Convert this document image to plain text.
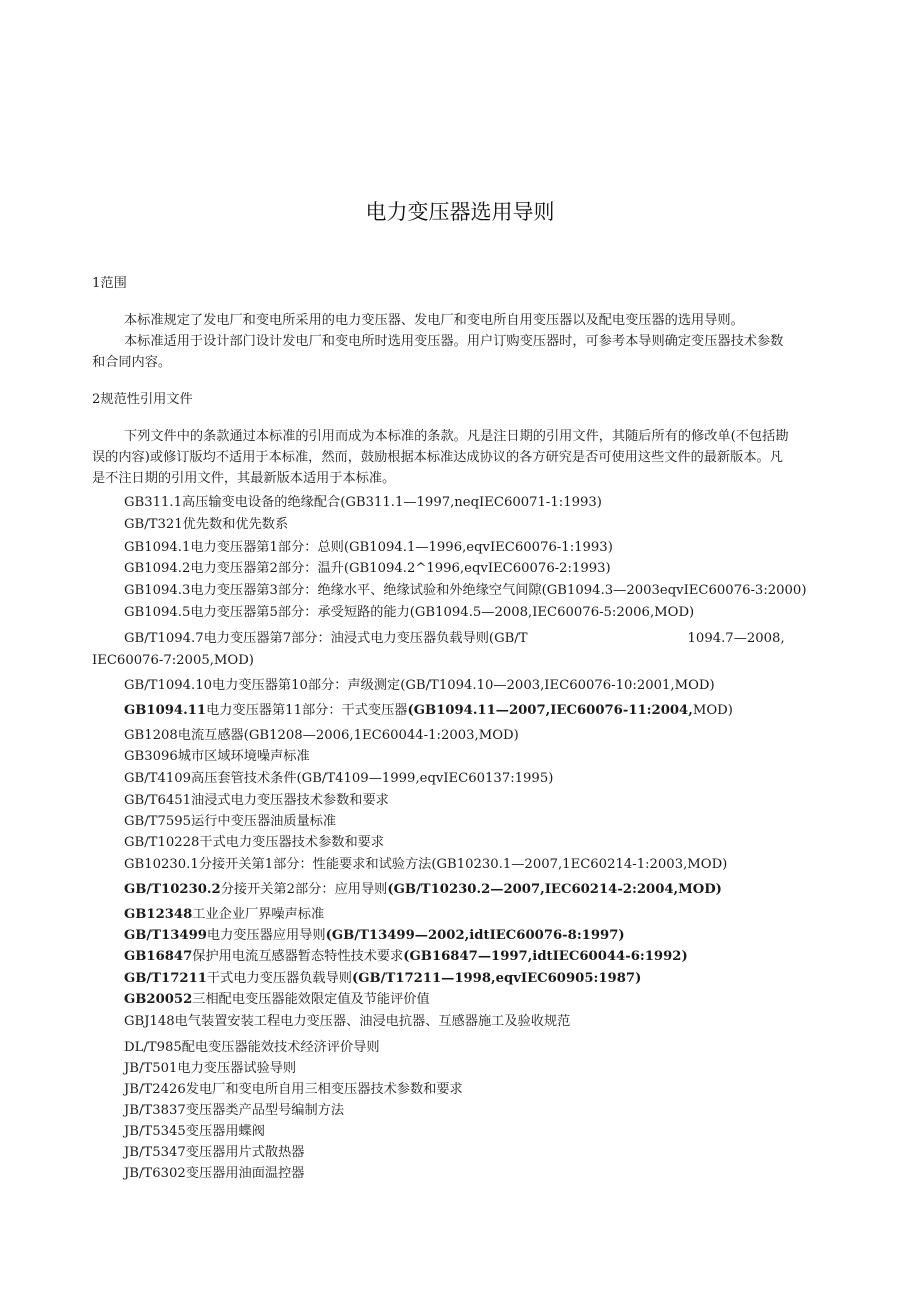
电力变压器选用导则
1范围
本标准规定了发电厂和变电所采用的电力变压器、发电厂和变电所自用变压器以及配电变压器的选用导则。
本标准适用于设计部门设计发电厂和变电所时选用变压器。用户订购变压器时，可参考本导则确定变压器技术参数
和合同内容。
2规范性引用文件
下列文件中的条款通过本标准的引用而成为本标准的条款。凡是注日期的引用文件，其随后所有的修改单(不包括勘
误的内容)或修订版均不适用于本标准，然而，鼓励根据本标准达成协议的各方研究是否可使用这些文件的最新版本。凡
是不注日期的引用文件，其最新版本适用于本标准。
GB311.1高压输变电设备的绝缘配合(GB311.1—1997,neqIEC60071-1:1993)
GB/T321优先数和优先数系
GB1094.1电力变压器第1部分：总则(GB1094.1—1996,eqvIEC60076-1:1993)
GB1094.2电力变压器第2部分：温升(GB1094.2^1996,eqvIEC60076-2:1993)
GB1094.3电力变压器第3部分：绝缘水平、绝缘试验和外绝缘空气间隙(GB1094.3—2003eqvIEC60076-3:2000)
GB1094.5电力变压器第5部分：承受短路的能力(GB1094.5—2008,IEC60076-5:2006,MOD)
GB/T1094.7电力变压器第7部分：油浸式电力变压器负载导则(GB/T	1094.7—2008,
IEC60076-7:2005,MOD)
GB/T1094.10电力变压器第10部分：声级测定(GB/T1094.10—2003,IEC60076-10:2001,MOD)
GB1094.11电力变压器第11部分：干式变压器(GB1094.11—2007,IEC60076-11:2004,MOD)
GB1208电流互感器(GB1208—2006,1EC60044-1:2003,MOD)
GB3096城市区域环境噪声标准
GB/T4109高压套管技术条件(GB/T4109—1999,eqvIEC60137:1995)
GB/T6451油浸式电力变压器技术参数和要求
GB/T7595运行中变压器油质量标准
GB/T10228干式电力变压器技术参数和要求
GB10230.1分接开关第1部分：性能要求和试验方法(GB10230.1—2007,1EC60214-1:2003,MOD)
GB/T10230.2分接开关第2部分：应用导则(GB/T10230.2—2007,IEC60214-2:2004,MOD)
GB12348工业企业厂界噪声标准
GB/T13499电力变压器应用导则(GB/T13499—2002,idtIEC60076-8:1997)
GB16847保护用电流互感器暂态特性技术要求(GB16847—1997,idtIEC60044-6:1992)
GB/T17211干式电力变压器负载导则(GB/T17211—1998,eqvIEC60905:1987)
GB20052三相配电变压器能效限定值及节能评价值
GBJ148电气装置安装工程电力变压器、油浸电抗器、互感器施工及验收规范
DL/T985配电变压器能效技术经济评价导则
JB/T501电力变压器试验导则
JB/T2426发电厂和变电所自用三相变压器技术参数和要求
JB/T3837变压器类产品型号编制方法
JB/T5345变压器用蝶阀
JB/T5347变压器用片式散热器
JB/T6302变压器用油面温控器
